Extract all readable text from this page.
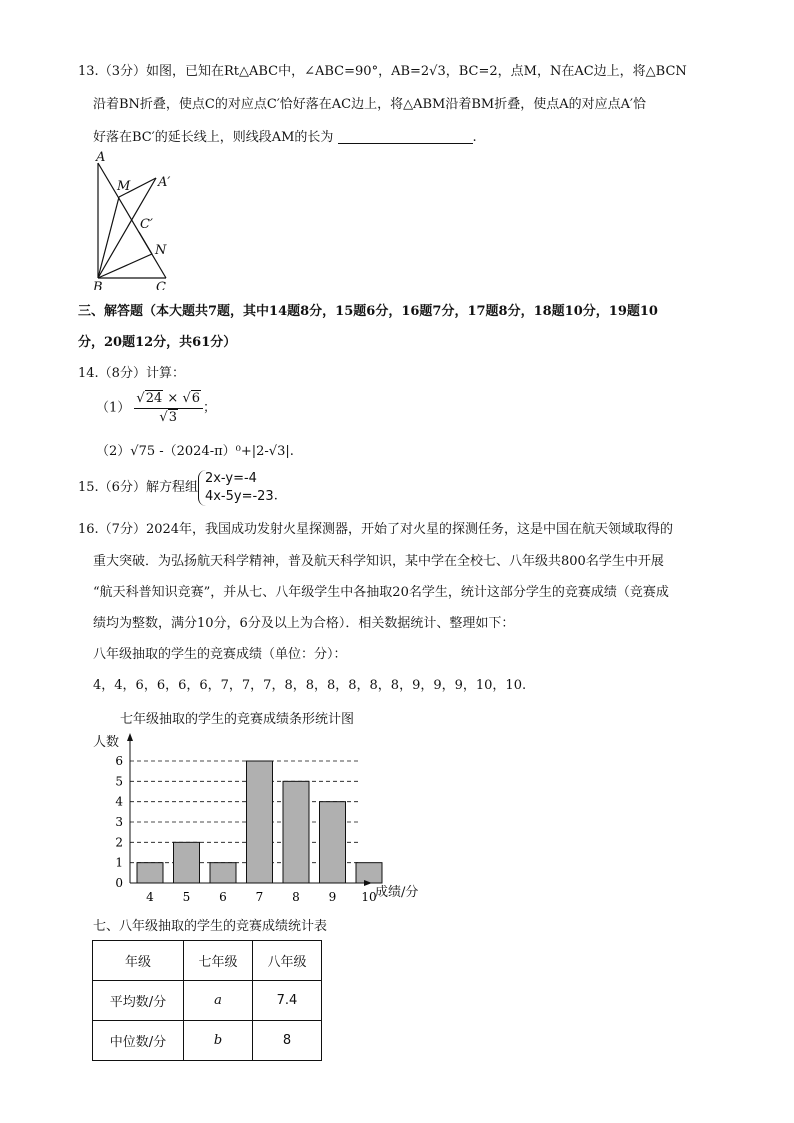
13.（3分）如图，已知在Rt△ABC中，∠ABC=90°，AB=2√3，BC=2，点M，N在AC边上，将△BCN
沿着BN折叠，使点C的对应点C′恰好落在AC边上，将△ABM沿着BM折叠，使点A的对应点A′恰
好落在BC′的延长线上，则线段AM的长为	.
A
M A′
C′
N
B	C
三、解答题（本大题共7题，其中14题8分，15题6分，16题7分，17题8分，18题10分，19题10
分，20题12分，共61分）
14.（8分）计算：
$(1) \frac{√24 \times √6}{√3}$ ；
（2）√75 -（2024-π）⁰+|2-√3|.
15.（6分）解方程组
2x-y=-4
4x-5y=-23 .
16.（7分）2024年，我国成功发射火星探测器，开始了对火星的探测任务，这是中国在航天领域取得的
重大突破．为弘扬航天科学精神，普及航天科学知识，某中学在全校七、八年级共800名学生中开展
“航天科普知识竞赛”，并从七、八年级学生中各抽取20名学生，统计这部分学生的竞赛成绩（竞赛成
绩均为整数，满分10分，6分及以上为合格）．相关数据统计、整理如下：
八年级抽取的学生的竞赛成绩（单位：分）：
4，4，6，6，6，6，7，7，7，8，8，8，8，8，8，9，9，9，10，10.
七年级抽取的学生的竞赛成绩条形统计图
人数
成绩/分
0
1
2
3
4
5
6
4 5 6 7 8 9 10
七、八年级抽取的学生的竞赛成绩统计表
年级	七年级	八年级
平均数/分	a	7.4
中位数/分	b	8
